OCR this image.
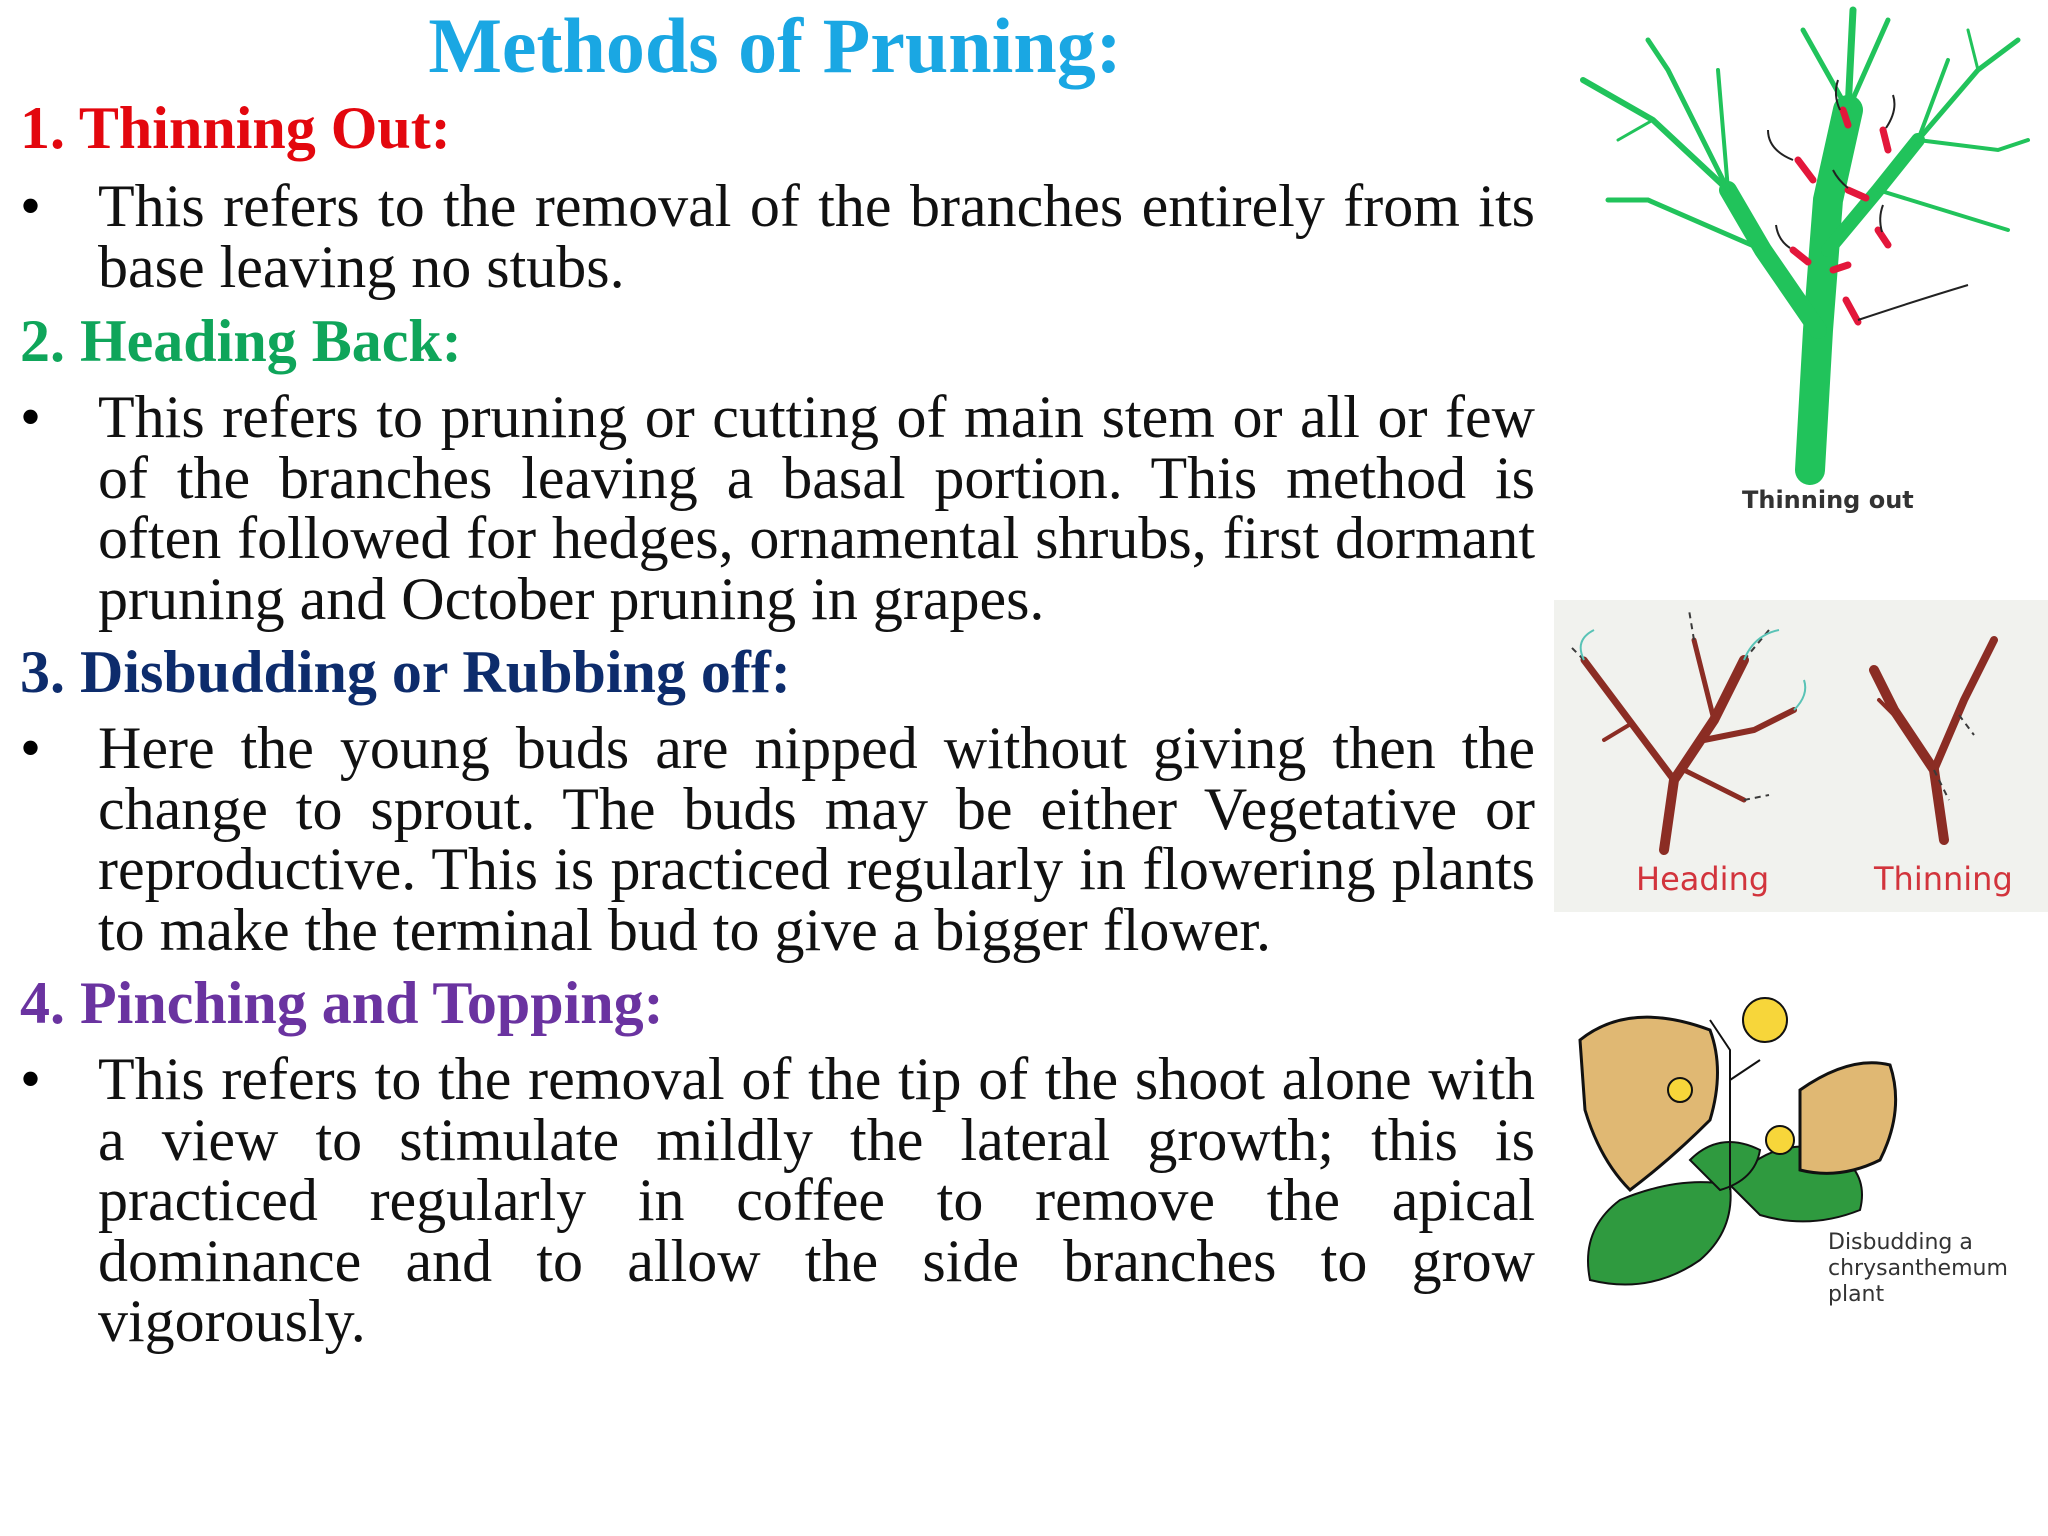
Methods of Pruning:
1. Thinning Out:
• This refers to the removal of the branches entirely from its base leaving no stubs.

2. Heading Back:
• This refers to pruning or cutting of main stem or all or few of the branches leaving a basal portion. This method is often followed for hedges, ornamental shrubs, first dormant pruning and October pruning in grapes.

3. Disbudding or Rubbing off:
• Here the young buds are nipped without giving then the change to sprout. The buds may be either Vegetative or reproductive. This is practiced regularly in flowering plants to make the terminal bud to give a bigger flower.

4. Pinching and Topping:
• This refers to the removal of the tip of the shoot alone with a view to stimulate mildly the lateral growth; this is practiced regularly in coffee to remove the apical dominance and to allow the side branches to grow vigorously.

Thinning out
Heading	Thinning
Disbudding a
chrysanthemum plant
